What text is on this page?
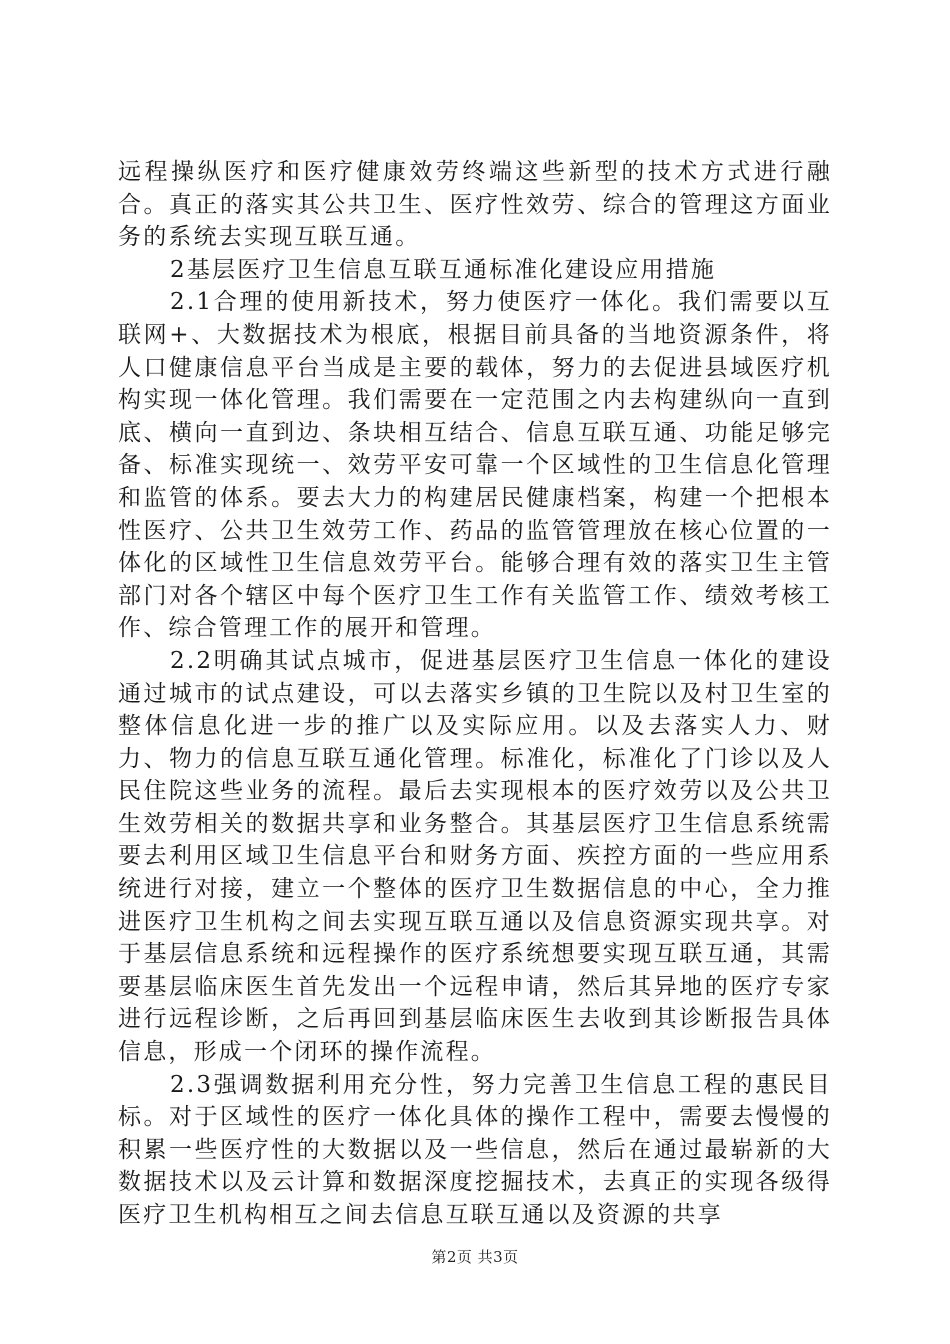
远程操纵医疗和医疗健康效劳终端这些新型的技术方式进行融合。真正的落实其公共卫生、医疗性效劳、综合的管理这方面业务的系统去实现互联互通。

2基层医疗卫生信息互联互通标准化建设应用措施

2.1合理的使用新技术，努力使医疗一体化。我们需要以互联网+、大数据技术为根底，根据目前具备的当地资源条件，将人口健康信息平台当成是主要的载体，努力的去促进县域医疗机构实现一体化管理。我们需要在一定范围之内去构建纵向一直到底、横向一直到边、条块相互结合、信息互联互通、功能足够完备、标准实现统一、效劳平安可靠一个区域性的卫生信息化管理和监管的体系。要去大力的构建居民健康档案，构建一个把根本性医疗、公共卫生效劳工作、药品的监管管理放在核心位置的一体化的区域性卫生信息效劳平台。能够合理有效的落实卫生主管部门对各个辖区中每个医疗卫生工作有关监管工作、绩效考核工作、综合管理工作的展开和管理。

2.2明确其试点城市，促进基层医疗卫生信息一体化的建设通过城市的试点建设，可以去落实乡镇的卫生院以及村卫生室的整体信息化进一步的推广以及实际应用。以及去落实人力、财力、物力的信息互联互通化管理。标准化，标准化了门诊以及人民住院这些业务的流程。最后去实现根本的医疗效劳以及公共卫生效劳相关的数据共享和业务整合。其基层医疗卫生信息系统需要去利用区域卫生信息平台和财务方面、疾控方面的一些应用系统进行对接，建立一个整体的医疗卫生数据信息的中心，全力推进医疗卫生机构之间去实现互联互通以及信息资源实现共享。对于基层信息系统和远程操作的医疗系统想要实现互联互通，其需要基层临床医生首先发出一个远程申请，然后其异地的医疗专家进行远程诊断，之后再回到基层临床医生去收到其诊断报告具体信息，形成一个闭环的操作流程。

2.3强调数据利用充分性，努力完善卫生信息工程的惠民目标。对于区域性的医疗一体化具体的操作工程中，需要去慢慢的积累一些医疗性的大数据以及一些信息，然后在通过最崭新的大数据技术以及云计算和数据深度挖掘技术，去真正的实现各级得医疗卫生机构相互之间去信息互联互通以及资源的共享

第2页 共3页
